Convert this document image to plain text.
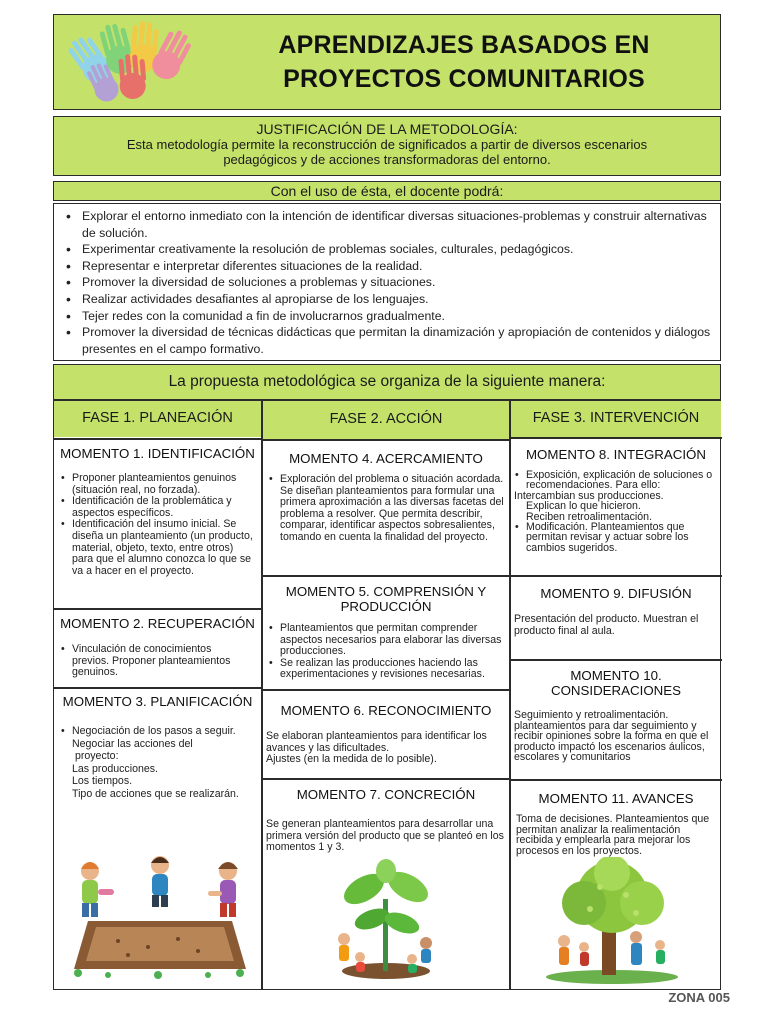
APRENDIZAJES BASADOS EN
PROYECTOS COMUNITARIOS
JUSTIFICACIÓN DE LA METODOLOGÍA:
Esta metodología permite la reconstrucción de significados a partir de diversos escenarios
pedagógicos y de acciones transformadoras del entorno.
Con el uso de ésta, el docente podrá:
• Explorar el entorno inmediato con la intención de identificar diversas situaciones-problemas y construir alternativas de solución.
• Experimentar creativamente la resolución de problemas sociales, culturales, pedagógicos.
• Representar e interpretar diferentes situaciones de la realidad.
• Promover la diversidad de soluciones a problemas y situaciones.
• Realizar actividades desafiantes al apropiarse de los lenguajes.
• Tejer redes con la comunidad a fin de involucrarnos gradualmente.
• Promover la diversidad de técnicas didácticas que permitan la dinamización y apropiación de contenidos y diálogos presentes en el campo formativo.
La propuesta metodológica se organiza de la siguiente manera:
FASE 1. PLANEACIÓN	FASE 2. ACCIÓN	FASE 3. INTERVENCIÓN
MOMENTO 1. IDENTIFICACIÓN
• Proponer planteamientos genuinos (situación real, no forzada).
• Identificación de la problemática y aspectos específicos.
• Identificación del insumo inicial. Se diseña un planteamiento (un producto, material, objeto, texto, entre otros) para que el alumno conozca lo que se va a hacer en el proyecto.
MOMENTO 2. RECUPERACIÓN
• Vinculación de conocimientos previos. Proponer planteamientos genuinos.
MOMENTO 3. PLANIFICACIÓN
• Negociación de los pasos a seguir.
Negociar las acciones del
proyecto:
Las producciones.
Los tiempos.
Tipo de acciones que se realizarán.
MOMENTO 4. ACERCAMIENTO
• Exploración del problema o situación acordada. Se diseñan planteamientos para formular una primera aproximación a las diversas facetas del problema a resolver. Que permita describir, comparar, identificar aspectos sobresalientes, tomando en cuenta la finalidad del proyecto.
MOMENTO 5. COMPRENSIÓN Y
PRODUCCIÓN
• Planteamientos que permitan comprender aspectos necesarios para elaborar las diversas producciones.
• Se realizan las producciones haciendo las experimentaciones y revisiones necesarias.
MOMENTO 6. RECONOCIMIENTO
Se elaboran planteamientos para identificar los avances y las dificultades.
Ajustes (en la medida de lo posible).
MOMENTO 7. CONCRECIÓN
Se generan planteamientos para desarrollar una primera versión del producto que se planteó en los momentos 1 y 3.
MOMENTO 8. INTEGRACIÓN
• Exposición, explicación de soluciones o recomendaciones. Para ello:
Intercambian sus producciones.
Explican lo que hicieron.
Reciben retroalimentación.
• Modificación. Planteamientos que permitan revisar y actuar sobre los cambios sugeridos.
MOMENTO 9. DIFUSIÓN
Presentación del producto. Muestran el producto final al aula.
MOMENTO 10.
CONSIDERACIONES
Seguimiento y retroalimentación. planteamientos para dar seguimiento y recibir opiniones sobre la forma en que el producto impactó los escenarios áulicos, escolares y comunitarios
MOMENTO 11. AVANCES
Toma de decisiones. Planteamientos que permitan analizar la realimentación recibida y emplearla para mejorar los procesos en los proyectos.
ZONA 005
